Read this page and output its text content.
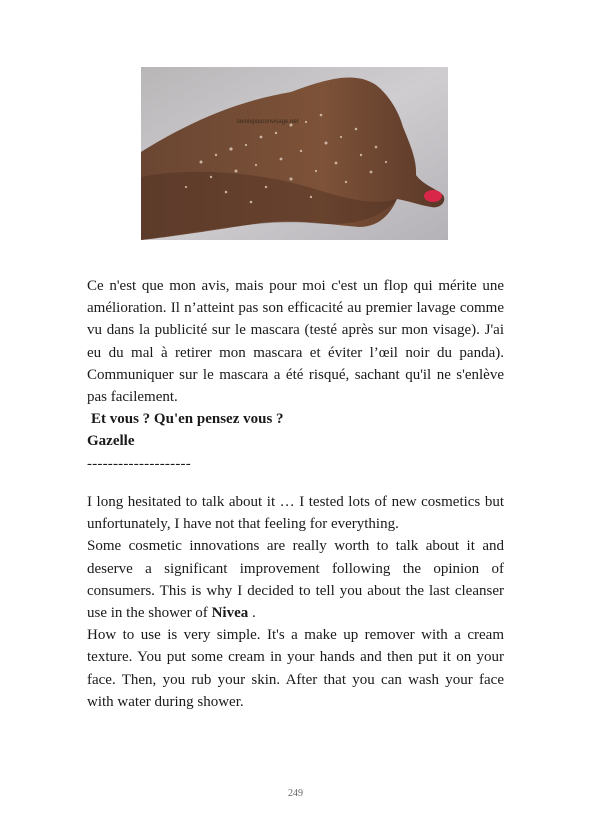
lavoixpourunvisage.net

Ce n'est que mon avis, mais pour moi c'est un flop qui mérite une amélioration. Il n’atteint pas son efficacité au premier lavage comme vu dans la publicité sur le mascara (testé après sur mon visage). J'ai eu du mal à retirer mon mascara et éviter l’œil noir du panda). Communiquer sur le mascara a été risqué, sachant qu'il ne s'enlève pas facilement.

Et vous ? Qu'en pensez vous ?

Gazelle

--------------------

I long hesitated to talk about it … I tested lots of new cosmetics but unfortunately, I have not that feeling for everything.

Some cosmetic innovations are really worth to talk about it and deserve a significant improvement following the opinion of consumers. This is why I decided to tell you about the last cleanser use in the shower of Nivea .

How to use is very simple. It's a make up remover with a cream texture. You put some cream in your hands and then put it on your face. Then, you rub your skin. After that you can wash your face with water during shower.

249
